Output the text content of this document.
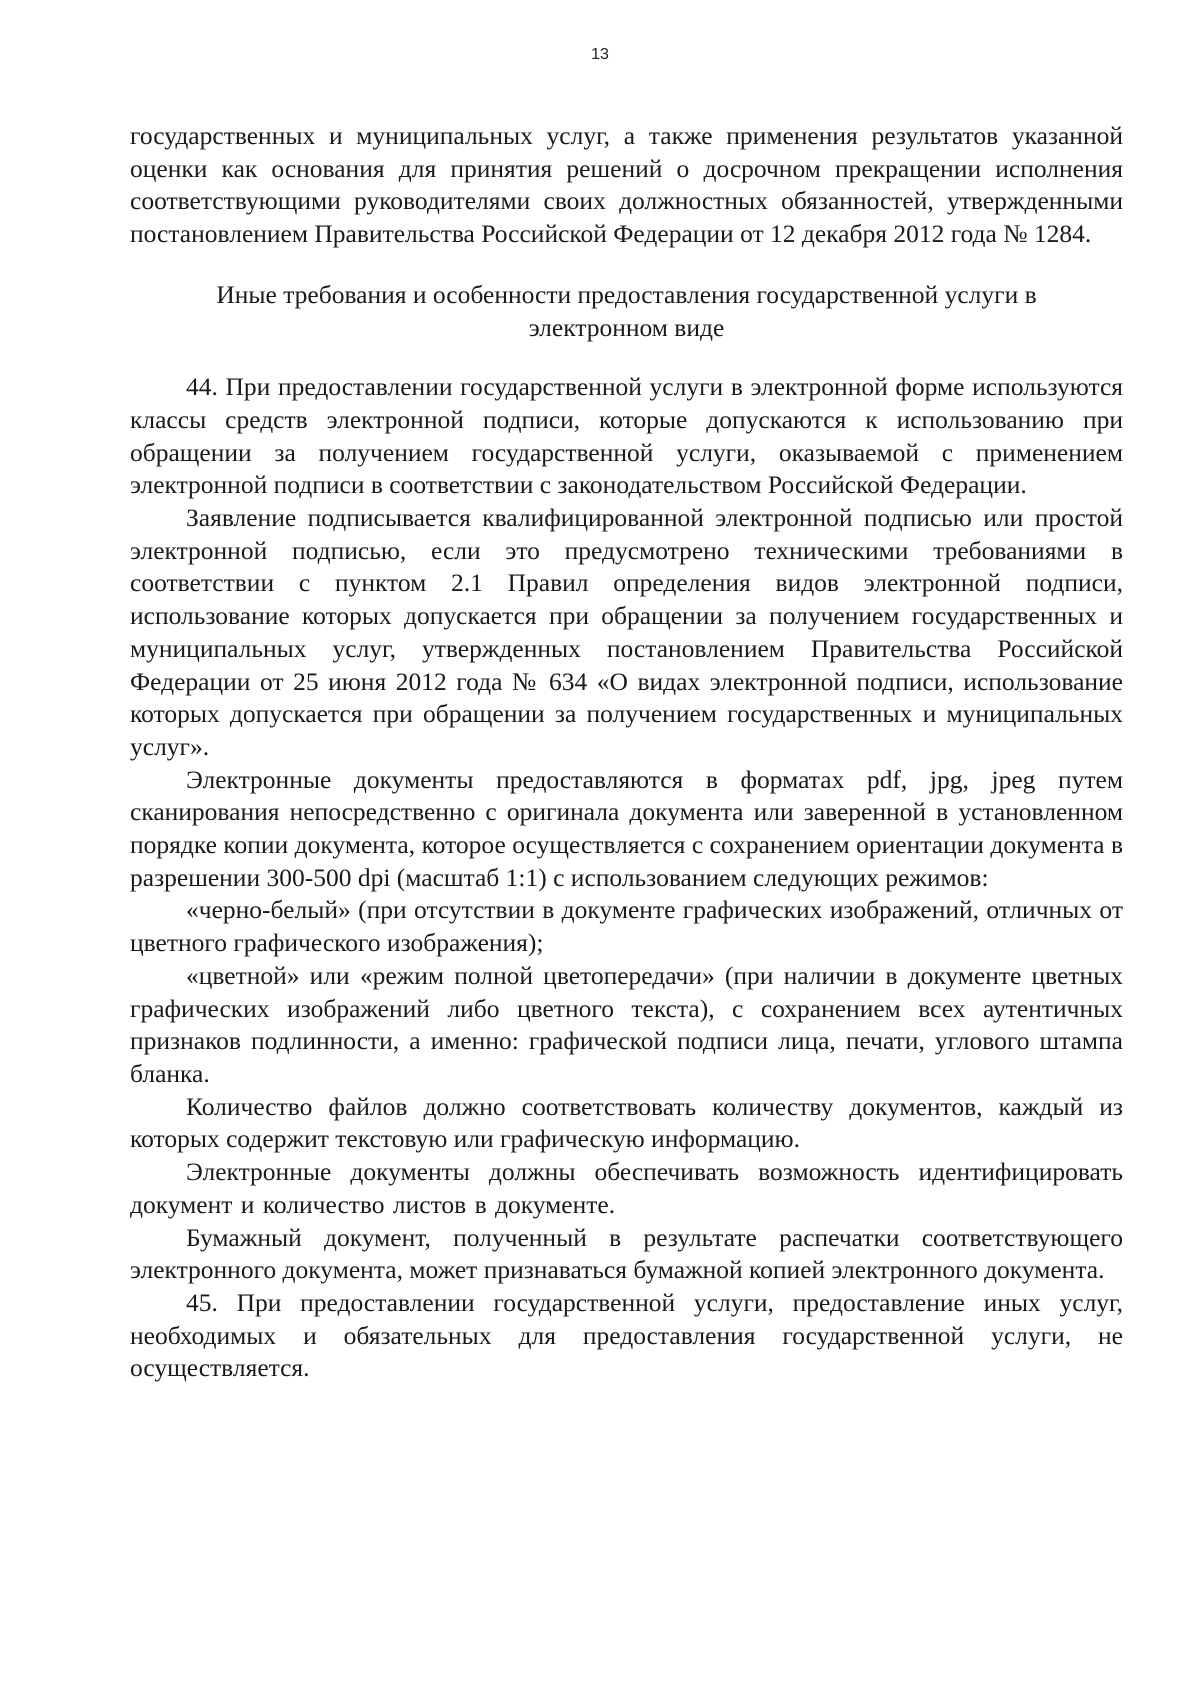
13

государственных и муниципальных услуг, а также применения результатов указанной оценки как основания для принятия решений о досрочном прекращении исполнения соответствующими руководителями своих должностных обязанностей, утвержденными постановлением Правительства Российской Федерации от 12 декабря 2012 года № 1284.

Иные требования и особенности предоставления государственной услуги в
электронном виде

44. При предоставлении государственной услуги в электронной форме используются классы средств электронной подписи, которые допускаются к использованию при обращении за получением государственной услуги, оказываемой с применением электронной подписи в соответствии с законодательством Российской Федерации.

Заявление подписывается квалифицированной электронной подписью или простой электронной подписью, если это предусмотрено техническими требованиями в соответствии с пунктом 2.1 Правил определения видов электронной подписи, использование которых допускается при обращении за получением государственных и муниципальных услуг, утвержденных постановлением Правительства Российской Федерации от 25 июня 2012 года № 634 «О видах электронной подписи, использование которых допускается при обращении за получением государственных и муниципальных услуг».

Электронные документы предоставляются в форматах pdf, jpg, jpeg путем сканирования непосредственно с оригинала документа или заверенной в установленном порядке копии документа, которое осуществляется с сохранением ориентации документа в разрешении 300-500 dpi (масштаб 1:1) с использованием следующих режимов:

«черно-белый» (при отсутствии в документе графических изображений, отличных от цветного графического изображения);

«цветной» или «режим полной цветопередачи» (при наличии в документе цветных графических изображений либо цветного текста), с сохранением всех аутентичных признаков подлинности, а именно: графической подписи лица, печати, углового штампа бланка.

Количество файлов должно соответствовать количеству документов, каждый из которых содержит текстовую или графическую информацию.

Электронные документы должны обеспечивать возможность идентифицировать документ и количество листов в документе.

Бумажный документ, полученный в результате распечатки соответствующего электронного документа, может признаваться бумажной копией электронного документа.

45. При предоставлении государственной услуги, предоставление иных услуг, необходимых и обязательных для предоставления государственной услуги, не осуществляется.
